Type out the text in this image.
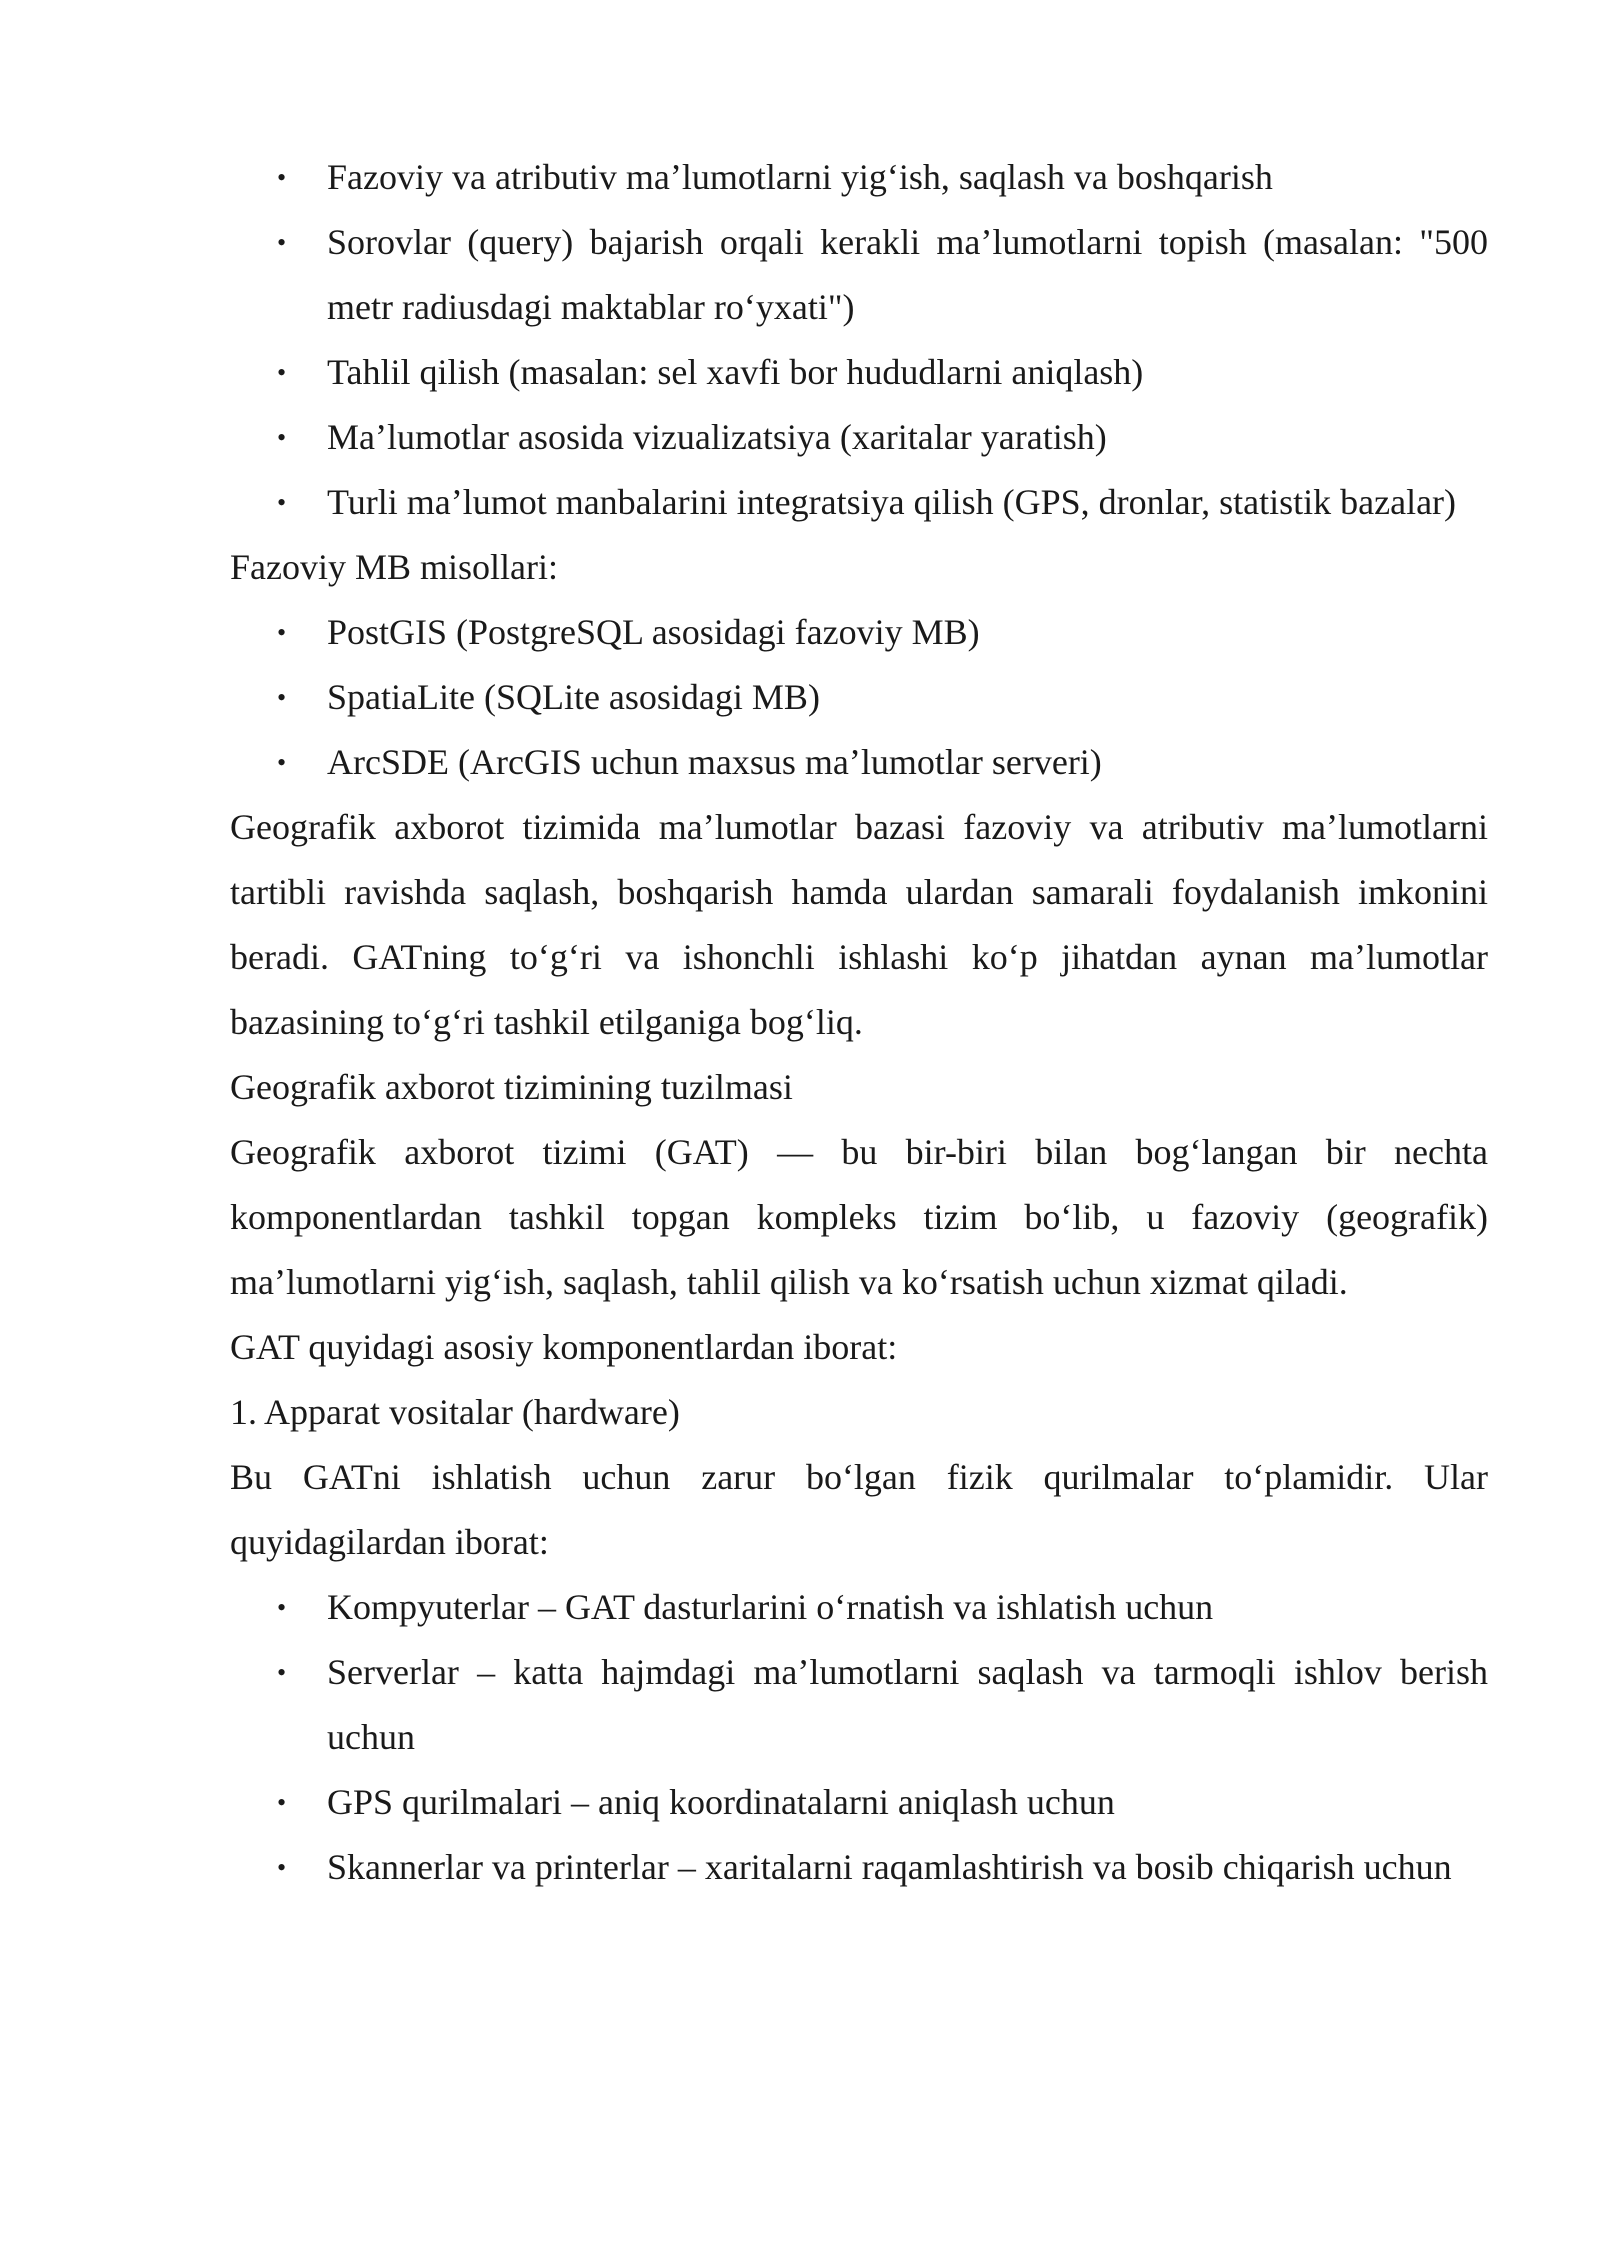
• Fazoviy va atributiv maʼlumotlarni yigʻish, saqlash va boshqarish
• Sorovlar (query) bajarish orqali kerakli maʼlumotlarni topish (masalan: "500 metr radiusdagi maktablar roʻyxati")
• Tahlil qilish (masalan: sel xavfi bor hududlarni aniqlash)
• Maʼlumotlar asosida vizualizatsiya (xaritalar yaratish)
• Turli maʼlumot manbalarini integratsiya qilish (GPS, dronlar, statistik bazalar)

Fazoviy MB misollari:

• PostGIS (PostgreSQL asosidagi fazoviy MB)
• SpatiaLite (SQLite asosidagi MB)
• ArcSDE (ArcGIS uchun maxsus maʼlumotlar serveri)

Geografik axborot tizimida maʼlumotlar bazasi fazoviy va atributiv maʼlumotlarni tartibli ravishda saqlash, boshqarish hamda ulardan samarali foydalanish imkonini beradi. GATning toʻgʻri va ishonchli ishlashi koʻp jihatdan aynan maʼlumotlar bazasining toʻgʻri tashkil etilganiga bogʻliq.

Geografik axborot tizimining tuzilmasi

Geografik axborot tizimi (GAT) — bu bir-biri bilan bogʻlangan bir nechta komponentlardan tashkil topgan kompleks tizim boʻlib, u fazoviy (geografik) maʼlumotlarni yigʻish, saqlash, tahlil qilish va koʻrsatish uchun xizmat qiladi.

GAT quyidagi asosiy komponentlardan iborat:

1. Apparat vositalar (hardware)

Bu GATni ishlatish uchun zarur boʻlgan fizik qurilmalar toʻplamidir. Ular quyidagilardan iborat:

• Kompyuterlar – GAT dasturlarini oʻrnatish va ishlatish uchun
• Serverlar – katta hajmdagi maʼlumotlarni saqlash va tarmoqli ishlov berish uchun
• GPS qurilmalari – aniq koordinatalarni aniqlash uchun
• Skannerlar va printerlar – xaritalarni raqamlashtirish va bosib chiqarish uchun
